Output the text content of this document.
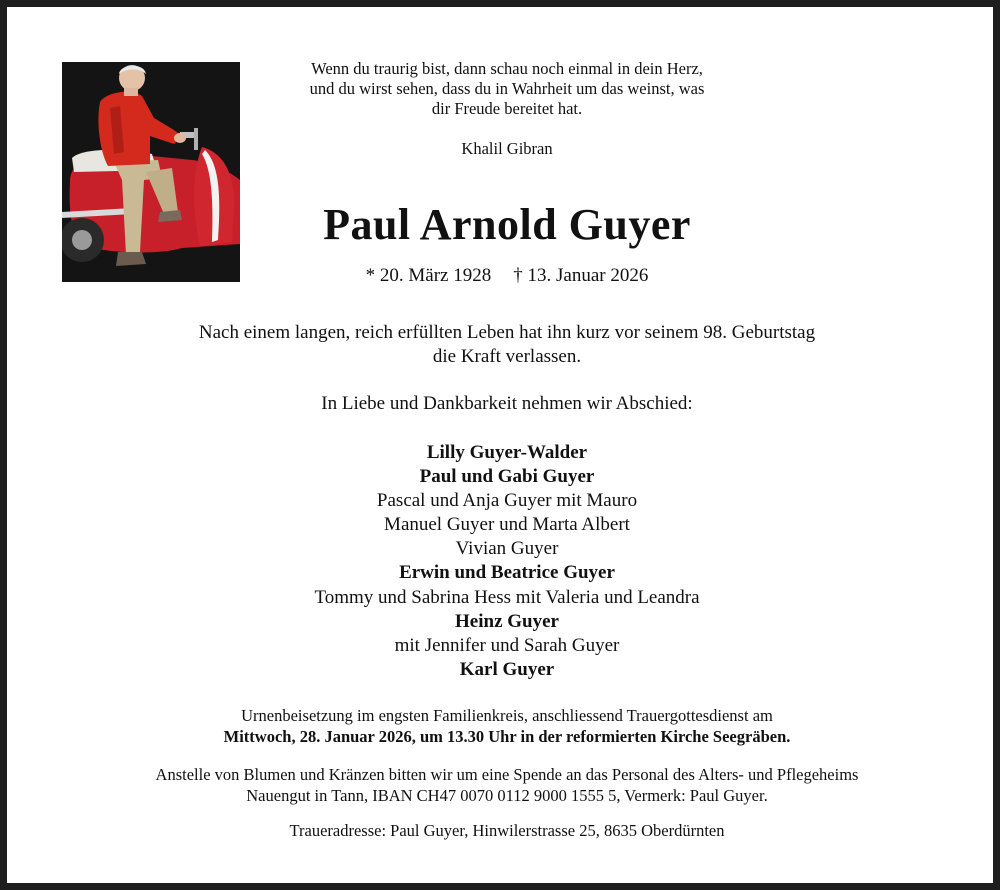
Wenn du traurig bist, dann schau noch einmal in dein Herz,
und du wirst sehen, dass du in Wahrheit um das weinst, was
dir Freude bereitet hat.
Khalil Gibran
Paul Arnold Guyer
* 20. März 1928 † 13. Januar 2026
Nach einem langen, reich erfüllten Leben hat ihn kurz vor seinem 98. Geburtstag
die Kraft verlassen.
In Liebe und Dankbarkeit nehmen wir Abschied:
Lilly Guyer-Walder
Paul und Gabi Guyer
Pascal und Anja Guyer mit Mauro
Manuel Guyer und Marta Albert
Vivian Guyer
Erwin und Beatrice Guyer
Tommy und Sabrina Hess mit Valeria und Leandra
Heinz Guyer
mit Jennifer und Sarah Guyer
Karl Guyer
Urnenbeisetzung im engsten Familienkreis, anschliessend Trauergottesdienst am
Mittwoch, 28. Januar 2026, um 13.30 Uhr in der reformierten Kirche Seegräben.
Anstelle von Blumen und Kränzen bitten wir um eine Spende an das Personal des Alters- und Pflegeheims
Nauengut in Tann, IBAN CH47 0070 0112 9000 1555 5, Vermerk: Paul Guyer.
Traueradresse: Paul Guyer, Hinwilerstrasse 25, 8635 Oberdürnten
